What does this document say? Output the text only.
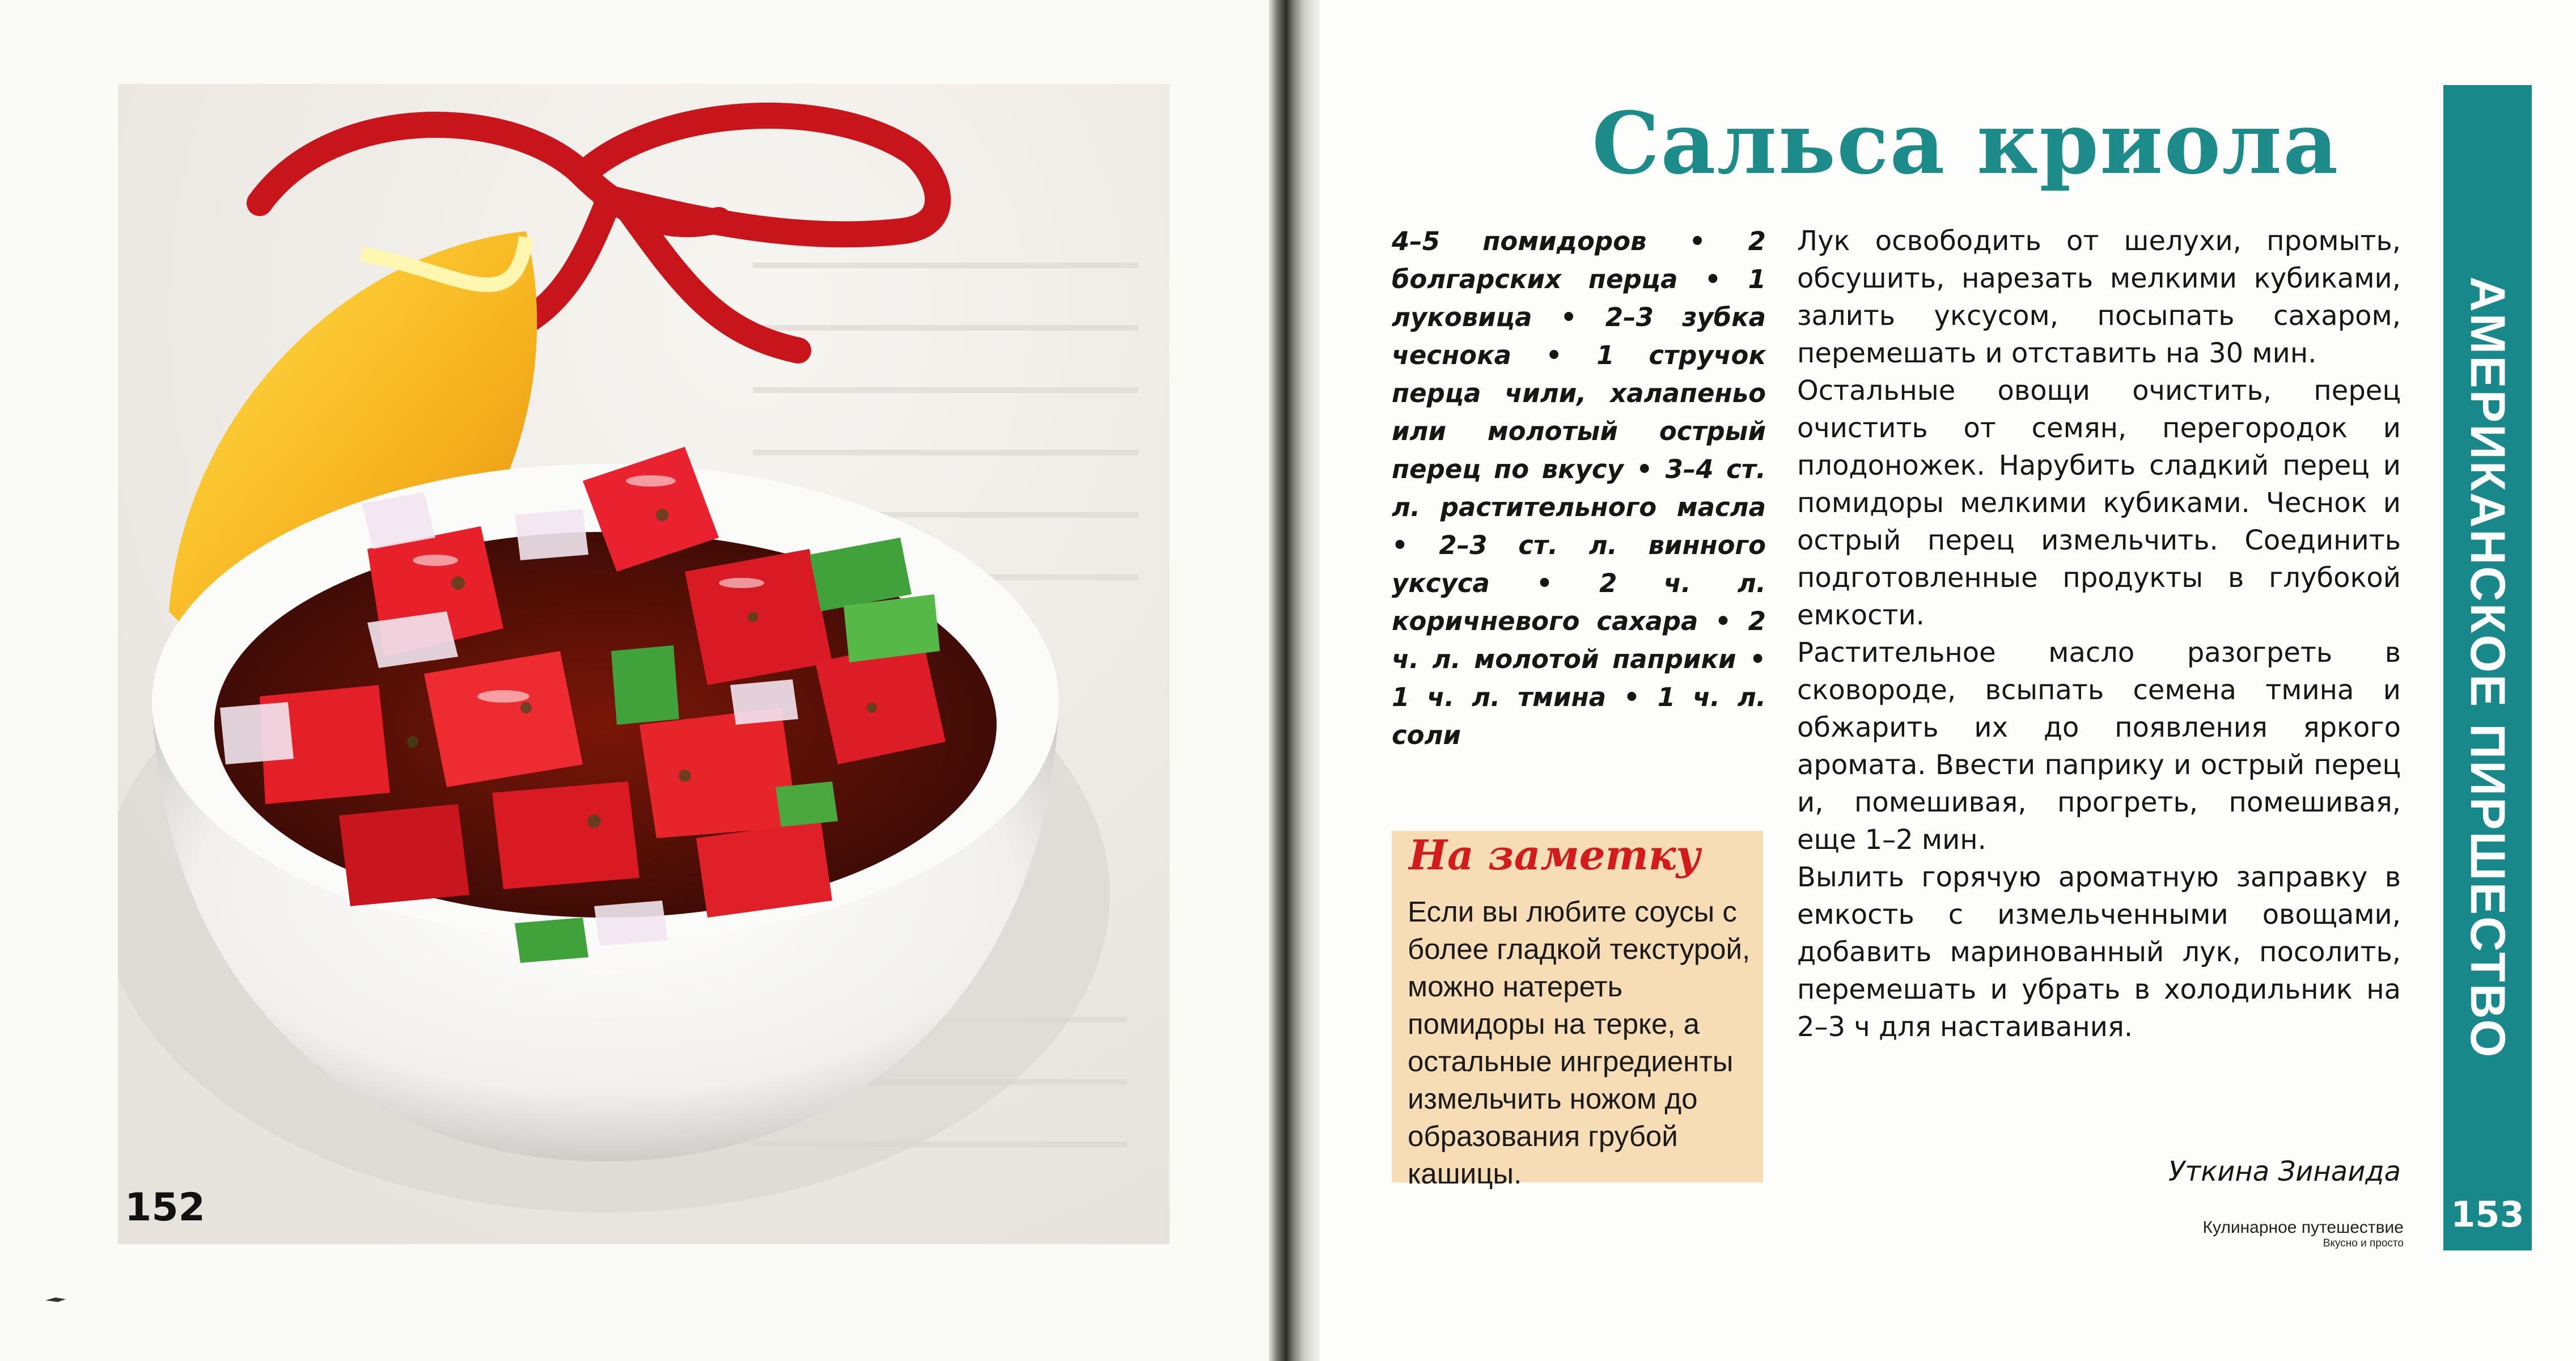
152
Сальса криола
4–5 помидоров • 2 болгарских перца • 1 луковица • 2–3 зубка чеснока • 1 стручок перца чили, халапеньо или молотый острый перец по вкусу • 3–4 ст. л. растительного масла • 2–3 ст. л. винного уксуса • 2 ч. л. коричневого сахара • 2 ч. л. молотой паприки • 1 ч. л. тмина • 1 ч. л. соли

Лук освободить от шелухи, промыть, обсушить, нарезать мелкими кубиками, залить уксусом, посыпать сахаром, перемешать и отставить на 30 мин.

Остальные овощи очистить, перец очистить от семян, перегородок и плодоножек. Нарубить сладкий перец и помидоры мелкими кубиками. Чеснок и острый перец измельчить. Соединить подготовленные продукты в глубокой емкости.

Растительное масло разогреть в сковороде, всыпать семена тмина и обжарить их до появления яркого аромата. Ввести паприку и острый перец и, помешивая, прогреть, помешивая, еще 1–2 мин.

Вылить горячую ароматную заправку в емкость с измельченными овощами, добавить маринованный лук, посолить, перемешать и убрать в холодильник на 2–3 ч для настаивания.

На заметку
Если вы любите соусы с более гладкой текстурой, можно натереть помидоры на терке, а остальные ингредиенты измельчить ножом до образования грубой кашицы.	Уткина Зинаида
АМЕРИКАНСКОЕ ПИРШЕСТВО
153
Кулинарное путешествие
Вкусно и просто
